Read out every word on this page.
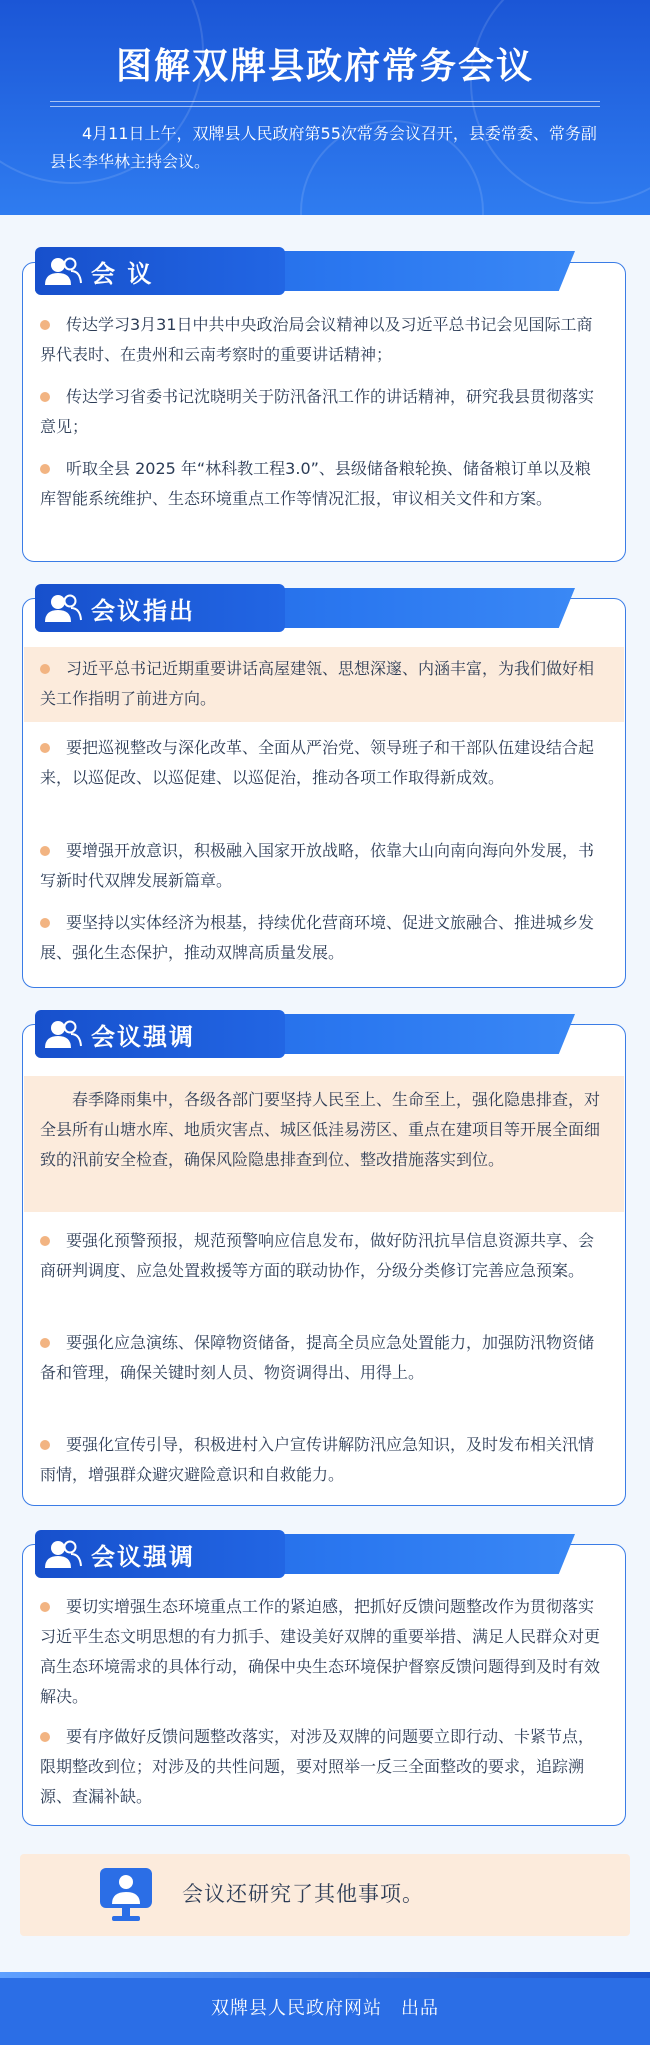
图解双牌县政府常务会议
4月11日上午，双牌县人民政府第55次常务会议召开，县委常委、常务副县长李华林主持会议。
会 议
传达学习3月31日中共中央政治局会议精神以及习近平总书记会见国际工商界代表时、在贵州和云南考察时的重要讲话精神；
传达学习省委书记沈晓明关于防汛备汛工作的讲话精神，研究我县贯彻落实意见；
听取全县 2025 年“林科教工程3.0”、县级储备粮轮换、储备粮订单以及粮库智能系统维护、生态环境重点工作等情况汇报，审议相关文件和方案。
会议指出
习近平总书记近期重要讲话高屋建瓴、思想深邃、内涵丰富，为我们做好相关工作指明了前进方向。
要把巡视整改与深化改革、全面从严治党、领导班子和干部队伍建设结合起来，以巡促改、以巡促建、以巡促治，推动各项工作取得新成效。
要增强开放意识，积极融入国家开放战略，依靠大山向南向海向外发展，书写新时代双牌发展新篇章。
要坚持以实体经济为根基，持续优化营商环境、促进文旅融合、推进城乡发展、强化生态保护，推动双牌高质量发展。
会议强调
春季降雨集中，各级各部门要坚持人民至上、生命至上，强化隐患排查，对全县所有山塘水库、地质灾害点、城区低洼易涝区、重点在建项目等开展全面细致的汛前安全检查，确保风险隐患排查到位、整改措施落实到位。
要强化预警预报，规范预警响应信息发布，做好防汛抗旱信息资源共享、会商研判调度、应急处置救援等方面的联动协作，分级分类修订完善应急预案。
要强化应急演练、保障物资储备，提高全员应急处置能力，加强防汛物资储备和管理，确保关键时刻人员、物资调得出、用得上。
要强化宣传引导，积极进村入户宣传讲解防汛应急知识，及时发布相关汛情雨情，增强群众避灾避险意识和自救能力。
会议强调
要切实增强生态环境重点工作的紧迫感，把抓好反馈问题整改作为贯彻落实习近平生态文明思想的有力抓手、建设美好双牌的重要举措、满足人民群众对更高生态环境需求的具体行动，确保中央生态环境保护督察反馈问题得到及时有效解决。
要有序做好反馈问题整改落实，对涉及双牌的问题要立即行动、卡紧节点，限期整改到位；对涉及的共性问题，要对照举一反三全面整改的要求，追踪溯源、查漏补缺。
会议还研究了其他事项。
双牌县人民政府网站　出品
